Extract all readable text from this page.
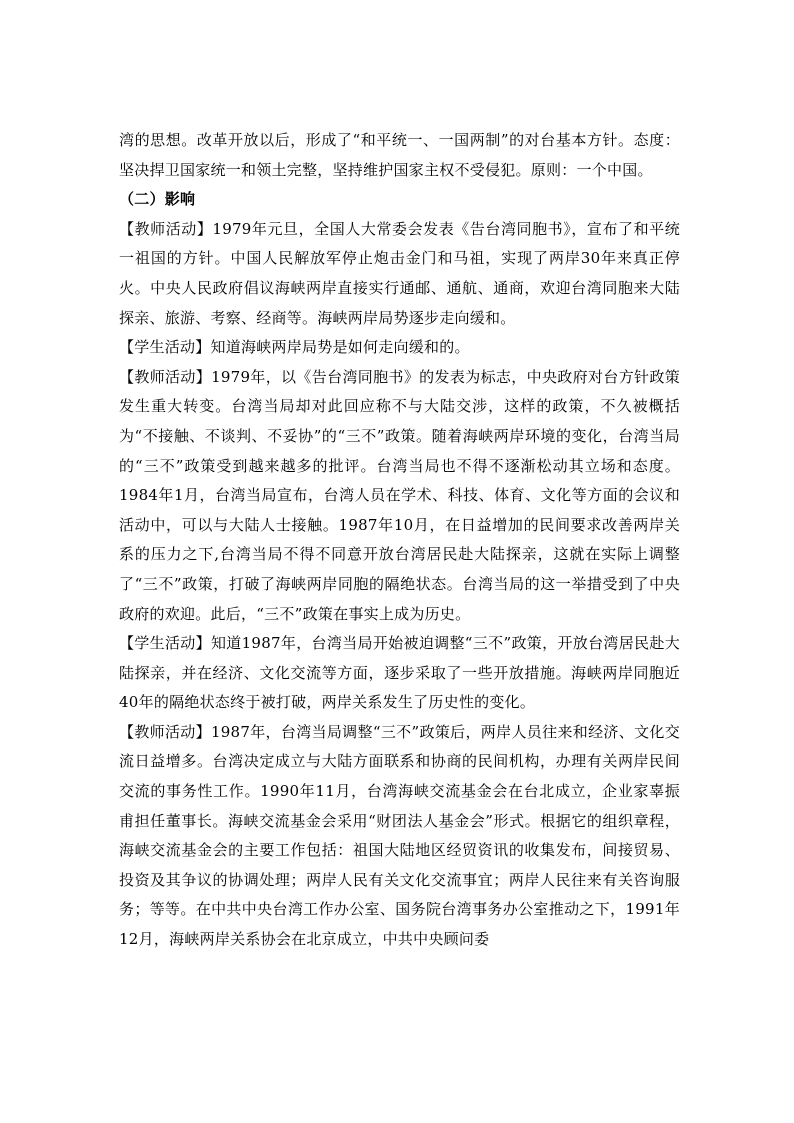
湾的思想。改革开放以后，形成了“和平统一、一国两制”的对台基本方针。态度：坚决捍卫国家统一和领土完整，坚持维护国家主权不受侵犯。原则：一个中国。

（二）影响

【教师活动】1979年元旦，全国人大常委会发表《告台湾同胞书》，宣布了和平统一祖国的方针。中国人民解放军停止炮击金门和马祖，实现了两岸30年来真正停火。中央人民政府倡议海峡两岸直接实行通邮、通航、通商，欢迎台湾同胞来大陆探亲、旅游、考察、经商等。海峡两岸局势逐步走向缓和。

【学生活动】知道海峡两岸局势是如何走向缓和的。

【教师活动】1979年，以《告台湾同胞书》的发表为标志，中央政府对台方针政策发生重大转变。台湾当局却对此回应称不与大陆交涉，这样的政策，不久被概括为“不接触、不谈判、不妥协”的“三不”政策。随着海峡两岸环境的变化，台湾当局的“三不”政策受到越来越多的批评。台湾当局也不得不逐渐松动其立场和态度。1984年1月，台湾当局宣布，台湾人员在学术、科技、体育、文化等方面的会议和活动中，可以与大陆人士接触。1987年10月，在日益增加的民间要求改善两岸关系的压力之下,台湾当局不得不同意开放台湾居民赴大陆探亲，这就在实际上调整了“三不”政策，打破了海峡两岸同胞的隔绝状态。台湾当局的这一举措受到了中央政府的欢迎。此后，“三不”政策在事实上成为历史。

【学生活动】知道1987年，台湾当局开始被迫调整“三不”政策，开放台湾居民赴大陆探亲，并在经济、文化交流等方面，逐步采取了一些开放措施。海峡两岸同胞近40年的隔绝状态终于被打破，两岸关系发生了历史性的变化。

【教师活动】1987年，台湾当局调整“三不”政策后，两岸人员往来和经济、文化交流日益增多。台湾决定成立与大陆方面联系和协商的民间机构，办理有关两岸民间交流的事务性工作。1990年11月，台湾海峡交流基金会在台北成立，企业家辜振甫担任董事长。海峡交流基金会采用“财团法人基金会”形式。根据它的组织章程，海峡交流基金会的主要工作包括：祖国大陆地区经贸资讯的收集发布，间接贸易、投资及其争议的协调处理；两岸人民有关文化交流事宜；两岸人民往来有关咨询服务；等等。在中共中央台湾工作办公室、国务院台湾事务办公室推动之下，1991年12月，海峡两岸关系协会在北京成立，中共中央顾问委
